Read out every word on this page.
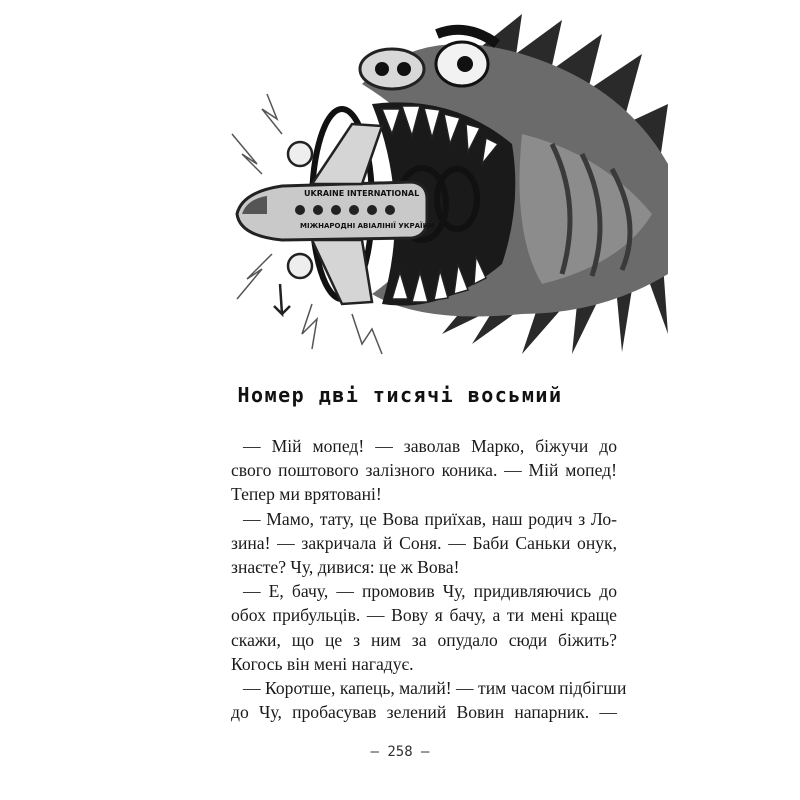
UKRAINE INTERNATIONAL
МІЖНАРОДНІ АВІАЛІНІЇ УКРАЇНИ
Номер дві тисячі восьмий
— Мій мопед! — заволав Марко, біжучи до
свого поштового залізного коника. — Мій мопед!
Тепер ми врятовані!
— Мамо, тату, це Вова приїхав, наш родич з Ло-
зина! — закричала й Соня. — Баби Саньки онук,
знаєте? Чу, дивися: це ж Вова!
— Е, бачу, — промовив Чу, придивляючись до
обох прибульців. — Вову я бачу, а ти мені краще
скажи, що це з ним за опудало сюди біжить?
Когось він мені нагадує.
— Коротше, капець, малий! — тим часом підбігши
до Чу, пробасував зелений Вовин напарник. —
— 258 —
